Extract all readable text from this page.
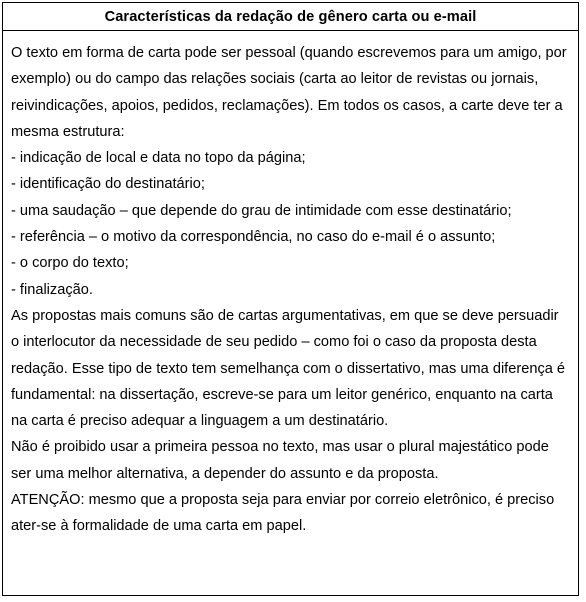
Características da redação de gênero carta ou e-mail

O texto em forma de carta pode ser pessoal (quando escrevemos para um amigo, por exemplo) ou do campo das relações sociais (carta ao leitor de revistas ou jornais, reivindicações, apoios, pedidos, reclamações). Em todos os casos, a carte deve ter a mesma estrutura:

- indicação de local e data no topo da página;

- identificação do destinatário;

- uma saudação – que depende do grau de intimidade com esse destinatário;

- referência – o motivo da correspondência, no caso do e-mail é o assunto;

- o corpo do texto;

- finalização.

As propostas mais comuns são de cartas argumentativas, em que se deve persuadir o interlocutor da necessidade de seu pedido – como foi o caso da proposta desta redação. Esse tipo de texto tem semelhança com o dissertativo, mas uma diferença é fundamental: na dissertação, escreve-se para um leitor genérico, enquanto na carta na carta é preciso adequar a linguagem a um destinatário.

Não é proibido usar a primeira pessoa no texto, mas usar o plural majestático pode ser uma melhor alternativa, a depender do assunto e da proposta.

ATENÇÃO: mesmo que a proposta seja para enviar por correio eletrônico, é preciso ater-se à formalidade de uma carta em papel.
